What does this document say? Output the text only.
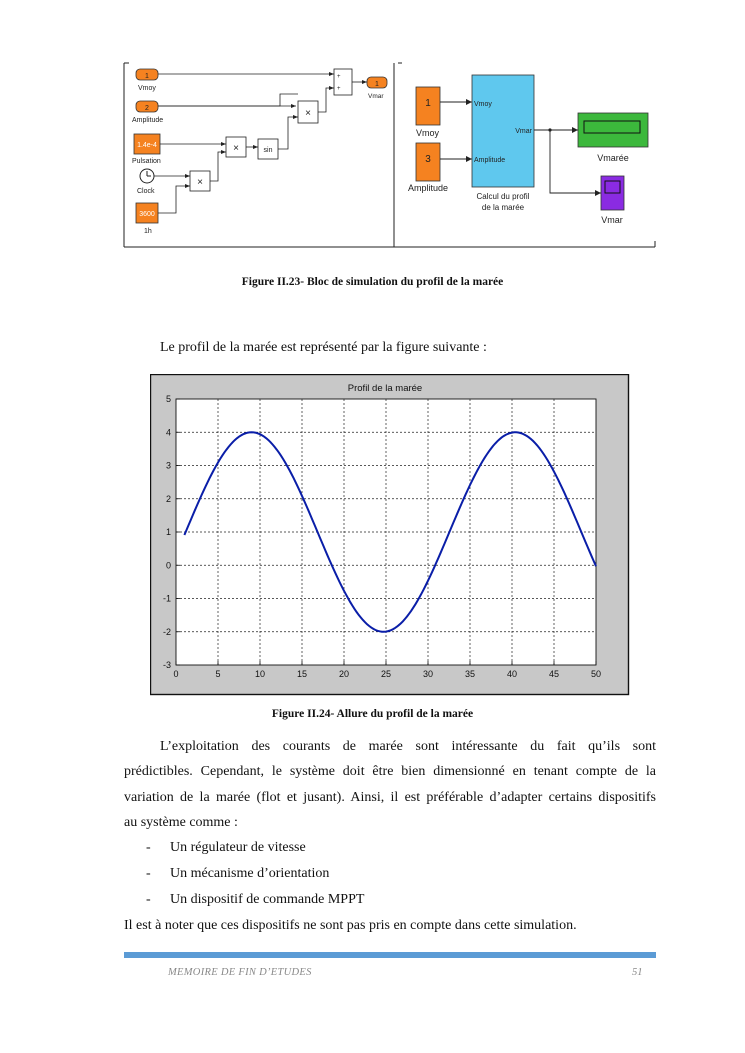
1
Vmoy
2
Amplitude
1.4e-4
Pulsation
Clock
3600
1h
×
×	sin
×
+
+
1
Vmar
1
Vmoy
3
Amplitude
Vmoy
Amplitude
Vmar
Calcul du profil
de la marée
Vmarée
Vmar
Figure II.23- Bloc de simulation du profil de la marée
Le profil de la marée est représenté par la figure suivante :
Profil de la marée
0	5	10	15	20	25	30	35	40	45	50
-3
-2
-1
0
1
2
3
4
5
Figure II.24- Allure du profil de la marée
L’exploitation des courants de marée sont intéressante du fait qu’ils sont
prédictibles. Cependant, le système doit être bien dimensionné en tenant compte de la
variation de la marée (flot et jusant). Ainsi, il est préférable d’adapter certains dispositifs
au système comme :
- Un régulateur de vitesse
- Un mécanisme d’orientation
- Un dispositif de commande MPPT
Il est à noter que ces dispositifs ne sont pas pris en compte dans cette simulation.
MEMOIRE DE FIN D’ETUDES	51
